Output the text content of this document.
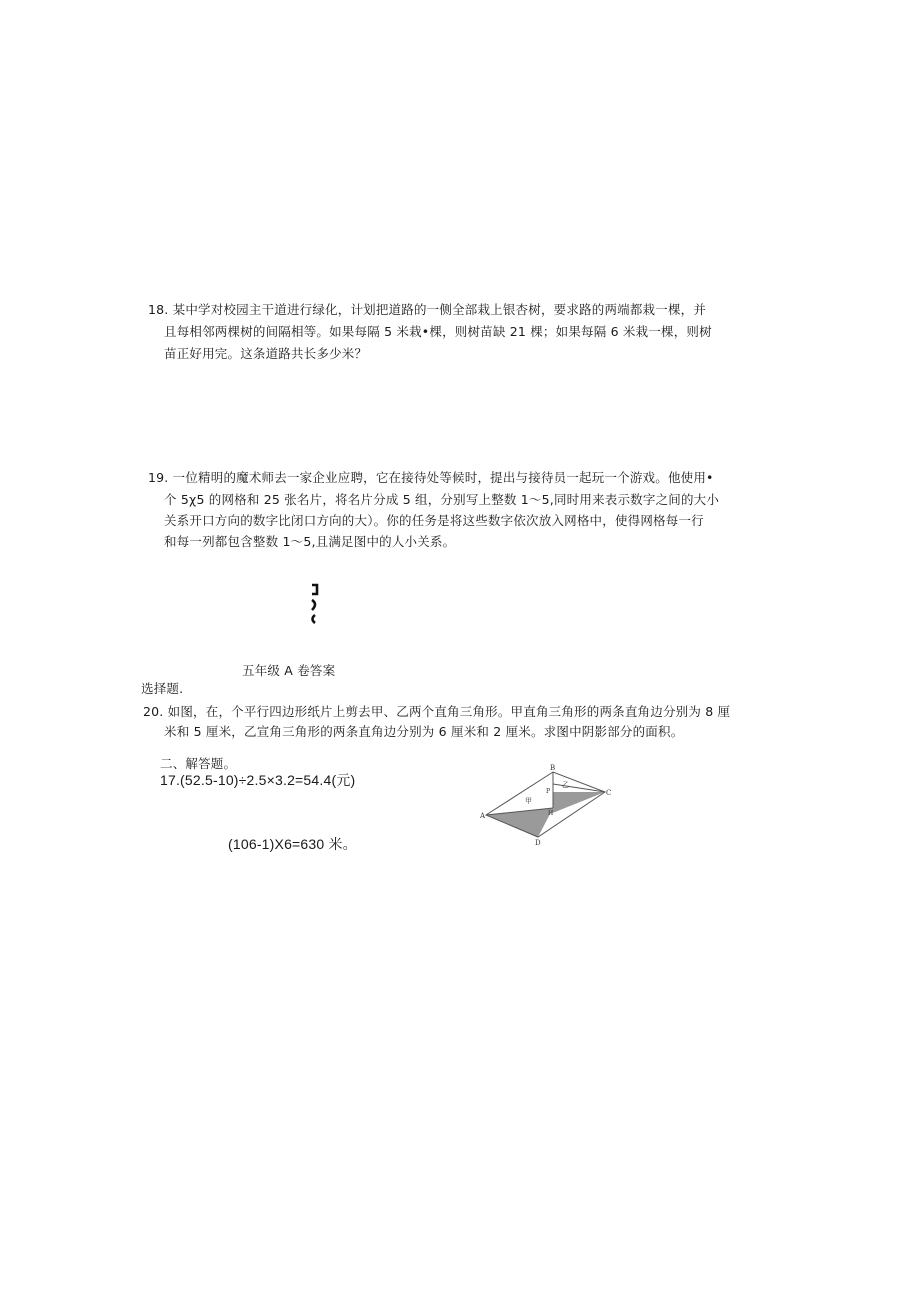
18. 某中学对校园主干道进行绿化，计划把道路的一侧全部栽上银杏树，要求路的两端都栽一棵，并
且每相邻两棵树的间隔相等。如果每隔 5 米栽•棵，则树苗缺 21 棵；如果每隔 6 米栽一棵，则树
苗正好用完。这条道路共长多少米？
19. 一位精明的魔术师去一家企业应聘，它在接待处等候时，提出与接待员一起玩一个游戏。他使用•
个 5χ5 的网格和 25 张名片，将名片分成 5 组，分别写上整数 1～5,同时用来表示数字之间的大小
关系开口方向的数字比闭口方向的大）。你的任务是将这些数字依次放入网格中，使得网格每一行
和每一列都包含整数 1～5,且满足图中的人小关系。
五年级 A 卷答案
选择题.
20. 如图，在，个平行四边形纸片上剪去甲、乙两个直角三角形。甲直角三角形的两条直角边分别为 8 厘
米和 5 厘米，乙宣角三角形的两条直角边分别为 6 厘米和 2 厘米。求图中阴影部分的面积。
二、解答题。
17.(52.5-10)÷2.5×3.2=54.4(元)
(106-1)X6=630 米。
A
B
C
D
P
H
甲
乙
